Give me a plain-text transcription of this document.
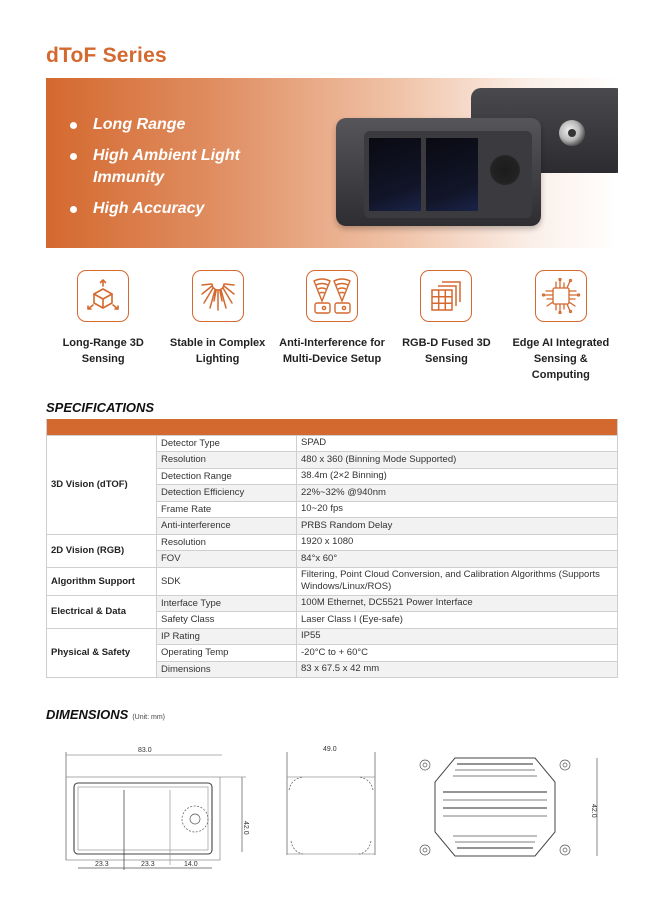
dToF Series
Long Range
High Ambient Light Immunity
High Accuracy
Long-Range 3D Sensing
Stable in Complex Lighting
Anti-Interference for Multi-Device Setup
RGB-D Fused 3D Sensing
Edge AI Integrated Sensing & Computing
SPECIFICATIONS

3D Vision (dTOF)	Detector Type	SPAD
	Resolution	480 x 360 (Binning Mode Supported)
	Detection Range	38.4m (2×2 Binning)
	Detection Efficiency	22%~32% @940nm
	Frame Rate	10~20 fps
	Anti-interference	PRBS Random Delay
2D Vision (RGB)	Resolution	1920 x 1080
	FOV	84°x 60°
Algorithm Support	SDK	Filtering, Point Cloud Conversion, and Calibration Algorithms (Supports Windows/Linux/ROS)
Electrical & Data	Interface Type	100M Ethernet, DC5521 Power Interface
	Safety Class	Laser Class I (Eye-safe)
Physical & Safety	IP Rating	IP55
	Operating Temp	-20°C to + 60°C
	Dimensions	83 x 67.5 x 42 mm
DIMENSIONS (Unit: mm)
83.0
42.0
23.3	23.3	14.0
49.0
42.0
